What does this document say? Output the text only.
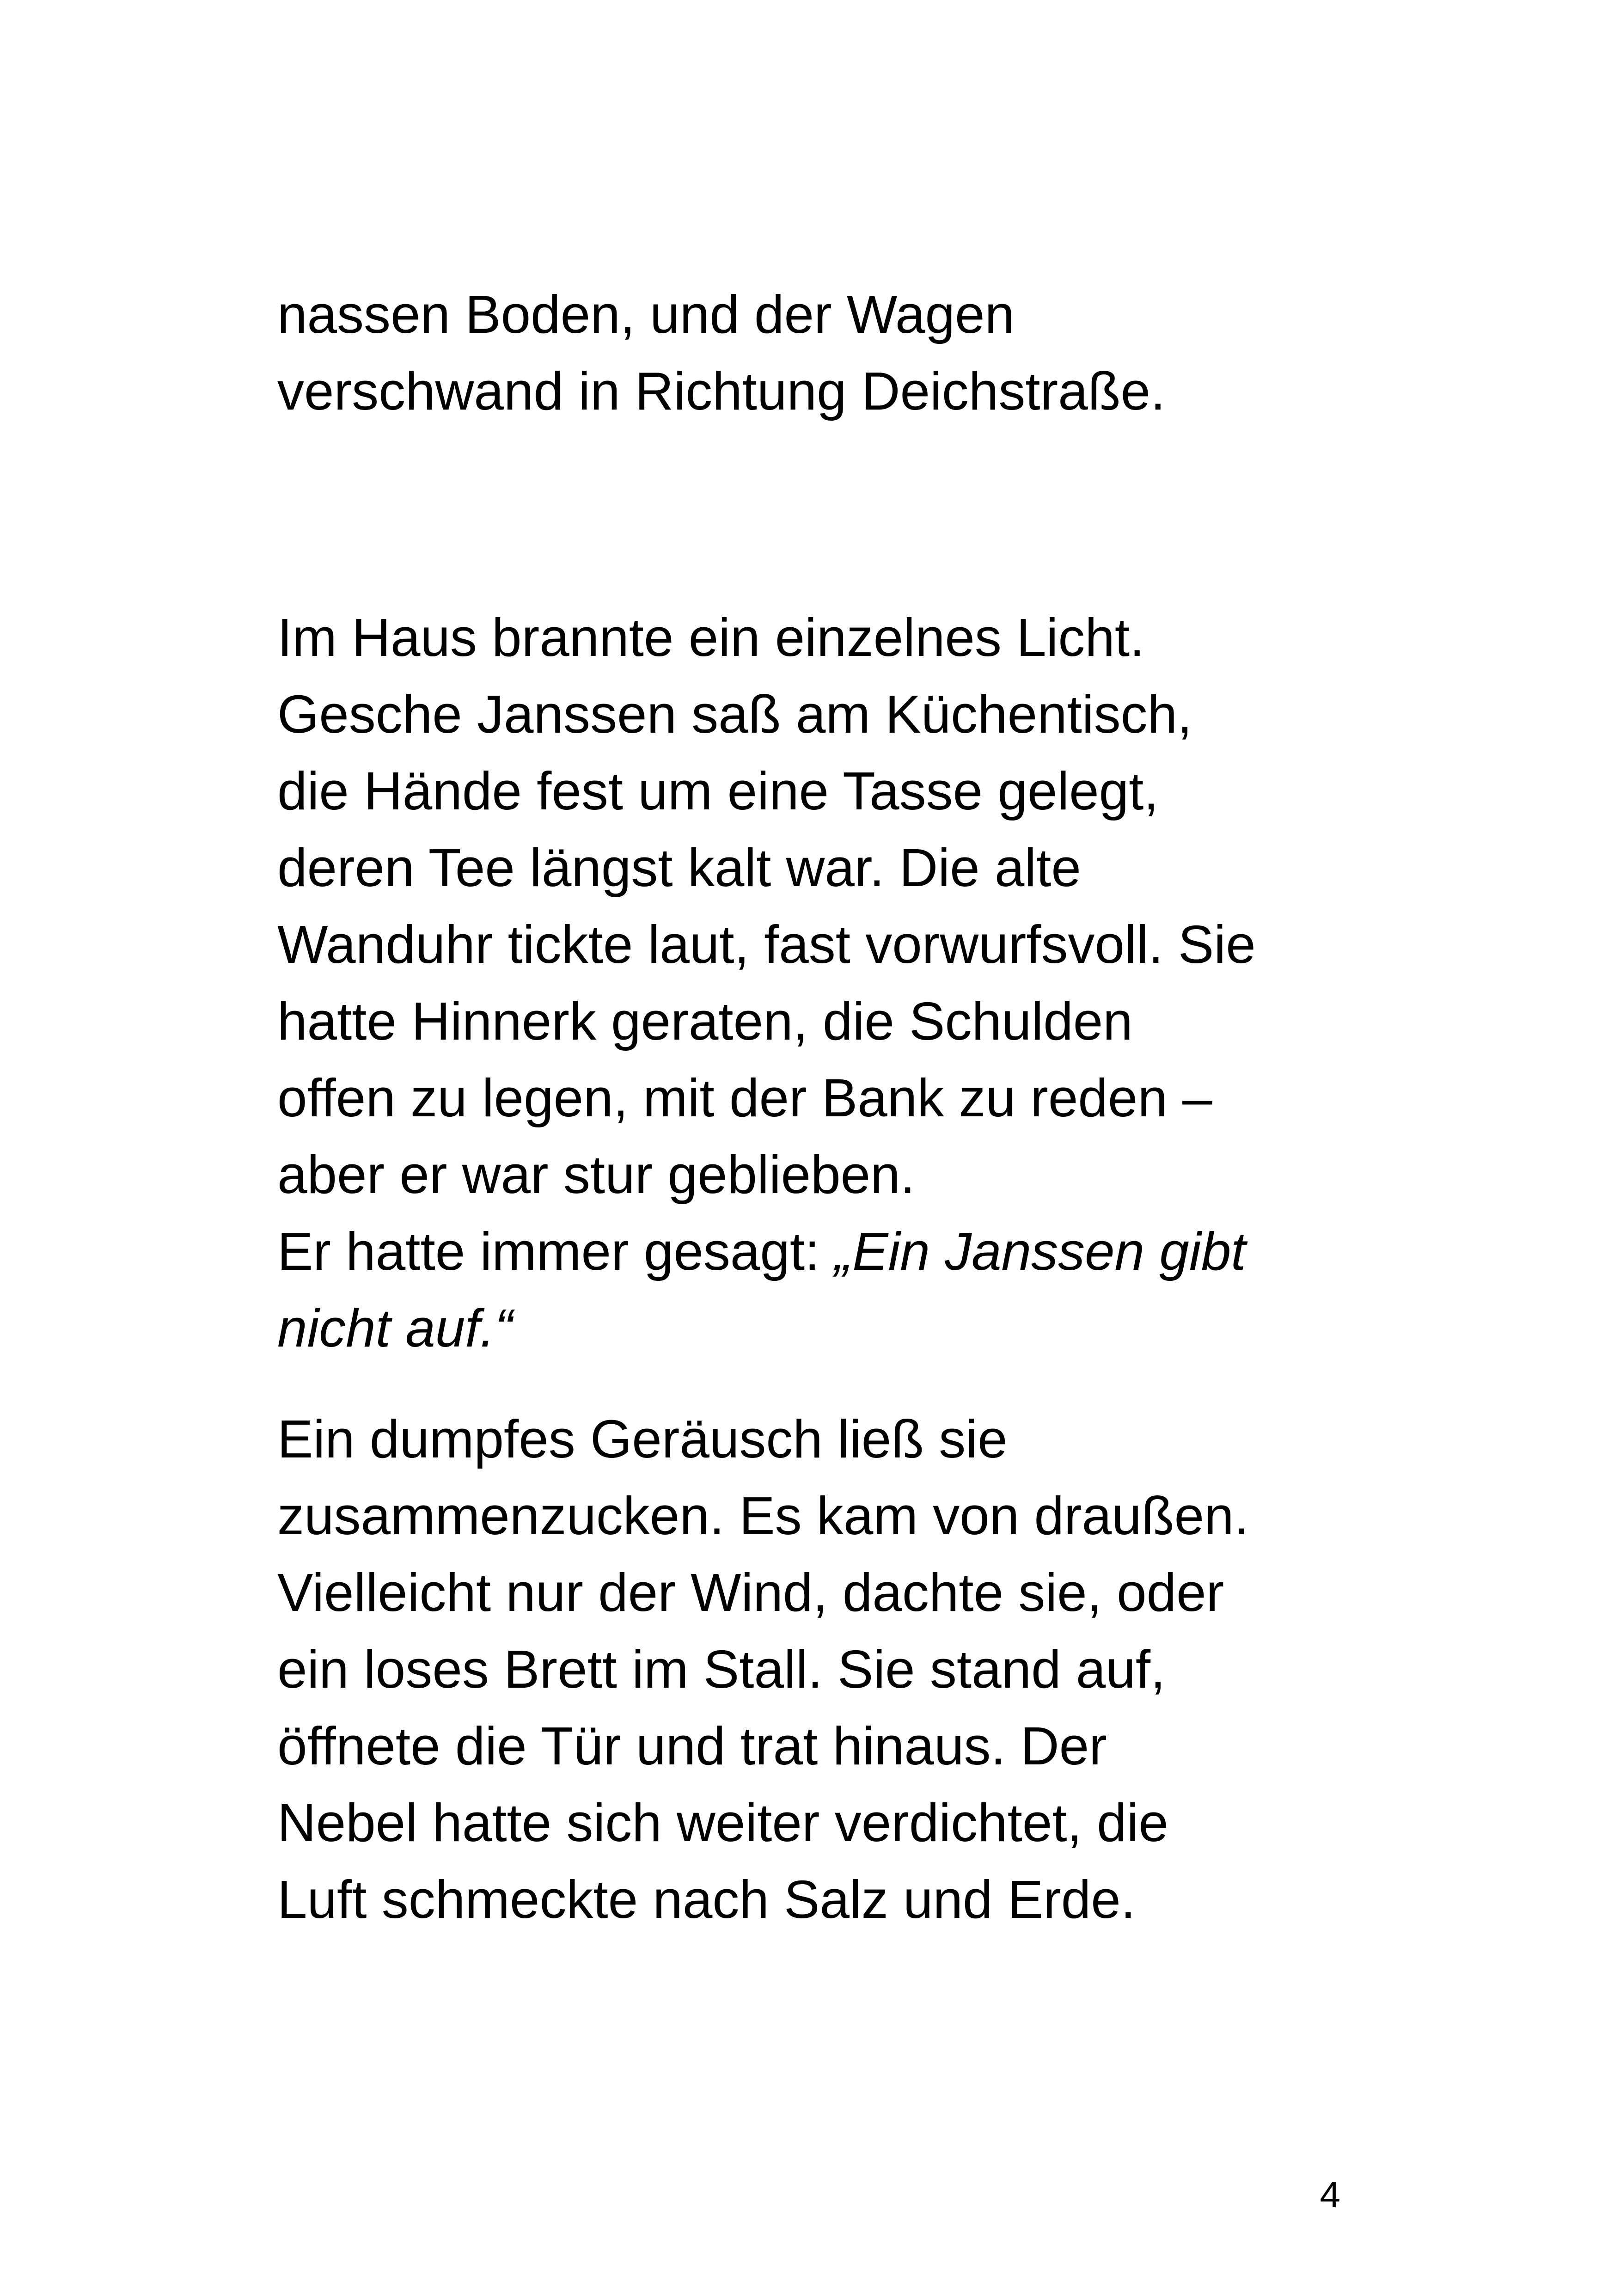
nassen Boden, und der Wagen
verschwand in Richtung Deichstraße.

Im Haus brannte ein einzelnes Licht.
Gesche Janssen saß am Küchentisch,
die Hände fest um eine Tasse gelegt,
deren Tee längst kalt war. Die alte
Wanduhr tickte laut, fast vorwurfsvoll. Sie
hatte Hinnerk geraten, die Schulden
offen zu legen, mit der Bank zu reden –
aber er war stur geblieben.
Er hatte immer gesagt: „Ein Janssen gibt
nicht auf.“

Ein dumpfes Geräusch ließ sie
zusammenzucken. Es kam von draußen.
Vielleicht nur der Wind, dachte sie, oder
ein loses Brett im Stall. Sie stand auf,
öffnete die Tür und trat hinaus. Der
Nebel hatte sich weiter verdichtet, die
Luft schmeckte nach Salz und Erde.

4
